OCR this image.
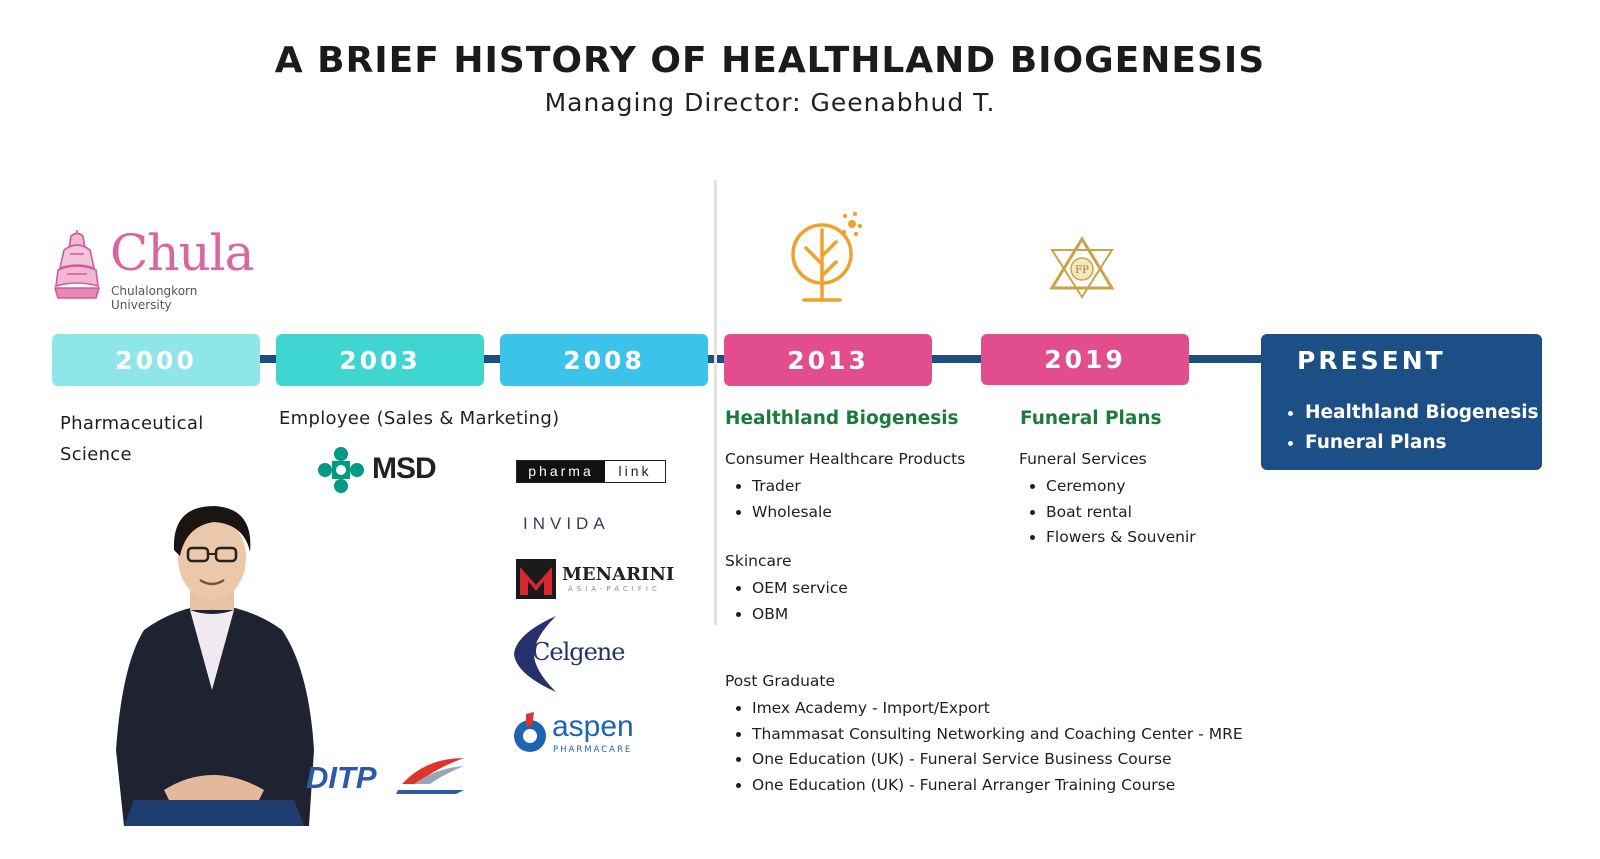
A BRIEF HISTORY OF HEALTHLAND BIOGENESIS
Managing Director: Geenabhud T.
2000	2003	2008	2013	2019	PRESENT
• Healthland Biogenesis
• Funeral Plans
Pharmaceutical Science
Chula
Chulalongkorn University
Employee (Sales & Marketing)
MSD
DITP
pharma	link
INVIDA
MENARINI
ASIA-PACIFIC
Celgene
aspen
PHARMACARE
Healthland Biogenesis
Consumer Healthcare Products
• Trader
• Wholesale
Skincare
• OEM service
• OBM
Post Graduate
• Imex Academy - Import/Export
• Thammasat Consulting Networking and Coaching Center - MRE
• One Education (UK) - Funeral Service Business Course
• One Education (UK) - Funeral Arranger Training Course
FP
Funeral Plans
Funeral Services
• Ceremony
• Boat rental
• Flowers & Souvenir
